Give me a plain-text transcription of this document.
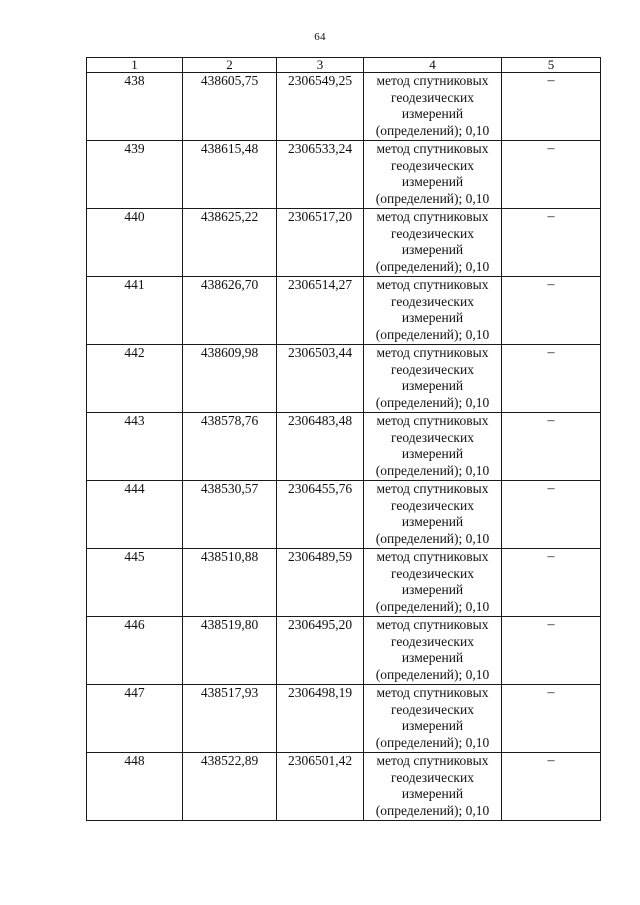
64
1	2	3	4	5
438	438605,75	2306549,25	метод спутниковых
геодезических
измерений
(определений); 0,10	–
439	438615,48	2306533,24	метод спутниковых
геодезических
измерений
(определений); 0,10	–
440	438625,22	2306517,20	метод спутниковых
геодезических
измерений
(определений); 0,10	–
441	438626,70	2306514,27	метод спутниковых
геодезических
измерений
(определений); 0,10	–
442	438609,98	2306503,44	метод спутниковых
геодезических
измерений
(определений); 0,10	–
443	438578,76	2306483,48	метод спутниковых
геодезических
измерений
(определений); 0,10	–
444	438530,57	2306455,76	метод спутниковых
геодезических
измерений
(определений); 0,10	–
445	438510,88	2306489,59	метод спутниковых
геодезических
измерений
(определений); 0,10	–
446	438519,80	2306495,20	метод спутниковых
геодезических
измерений
(определений); 0,10	–
447	438517,93	2306498,19	метод спутниковых
геодезических
измерений
(определений); 0,10	–
448	438522,89	2306501,42	метод спутниковых
геодезических
измерений
(определений); 0,10	–
